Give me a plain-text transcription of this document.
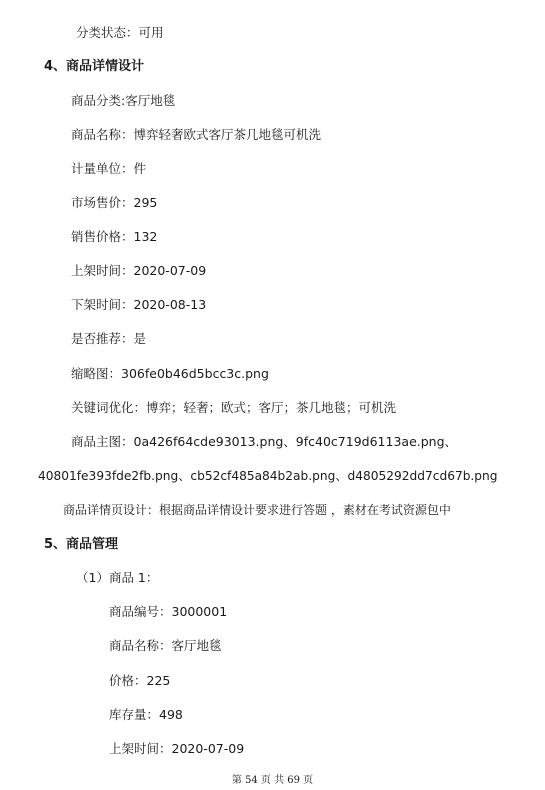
分类状态：可用
4、商品详情设计
商品分类:客厅地毯
商品名称：博弈轻奢欧式客厅茶几地毯可机洗
计量单位：件
市场售价：295
销售价格：132
上架时间：2020-07-09
下架时间：2020-08-13
是否推荐：是
缩略图：306fe0b46d5bcc3c.png
关键词优化：博弈；轻奢；欧式；客厅；茶几地毯；可机洗
商品主图：0a426f64cde93013.png、9fc40c719d6113ae.png、
40801fe393fde2fb.png、cb52cf485a84b2ab.png、d4805292dd7cd67b.png
商品详情页设计：根据商品详情设计要求进行答题 ，素材在考试资源包中
5、商品管理
（1）商品 1：
商品编号：3000001
商品名称：客厅地毯
价格：225
库存量：498
上架时间：2020-07-09
第 54 页 共 69 页
